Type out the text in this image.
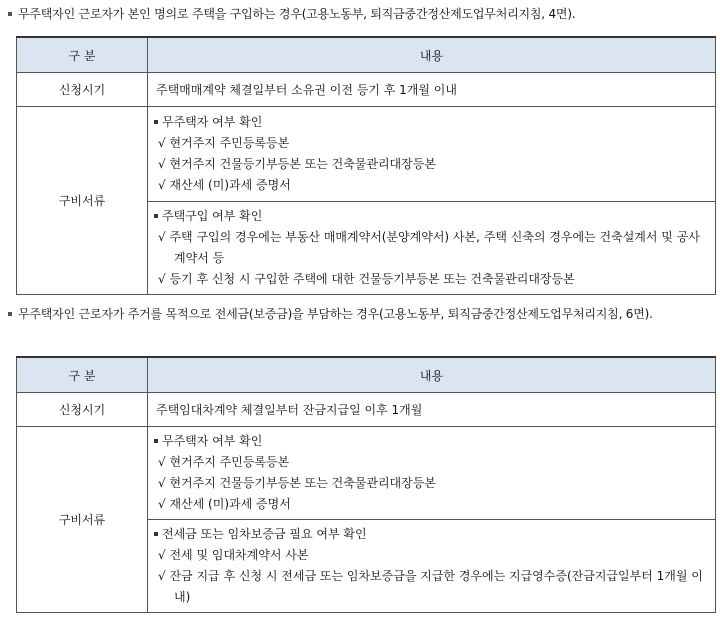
무주택자인 근로자가 본인 명의로 주택을 구입하는 경우(고용노동부, 퇴직금중간정산제도업무처리지침, 4면).
구 분	내용
신청시기	주택매매계약 체결일부터 소유권 이전 등기 후 1개월 이내
구비서류	무주택자 여부 확인
√ 현거주지 주민등록등본
√ 현거주지 건물등기부등본 또는 건축물관리대장등본
√ 재산세 (미)과세 증명서

	주택구입 여부 확인
√ 주택 구입의 경우에는 부동산 매매계약서(분양계약서) 사본, 주택 신축의 경우에는 건축설계서 및 공사계약서 등
√ 등기 후 신청 시 구입한 주택에 대한 건물등기부등본 또는 건축물관리대장등본
무주택자인 근로자가 주거를 목적으로 전세금(보증금)을 부담하는 경우(고용노동부, 퇴직금중간정산제도업무처리지침, 6면).
구 분	내용
신청시기	주택임대차계약 체결일부터 잔금지급일 이후 1개월
구비서류	무주택자 여부 확인
√ 현거주지 주민등록등본
√ 현거주지 건물등기부등본 또는 건축물관리대장등본
√ 재산세 (미)과세 증명서

	전세금 또는 임차보증금 필요 여부 확인
√ 전세 및 임대차계약서 사본
√ 잔금 지급 후 신청 시 전세금 또는 임차보증금을 지급한 경우에는 지급영수증(잔금지급일부터 1개월 이내)
